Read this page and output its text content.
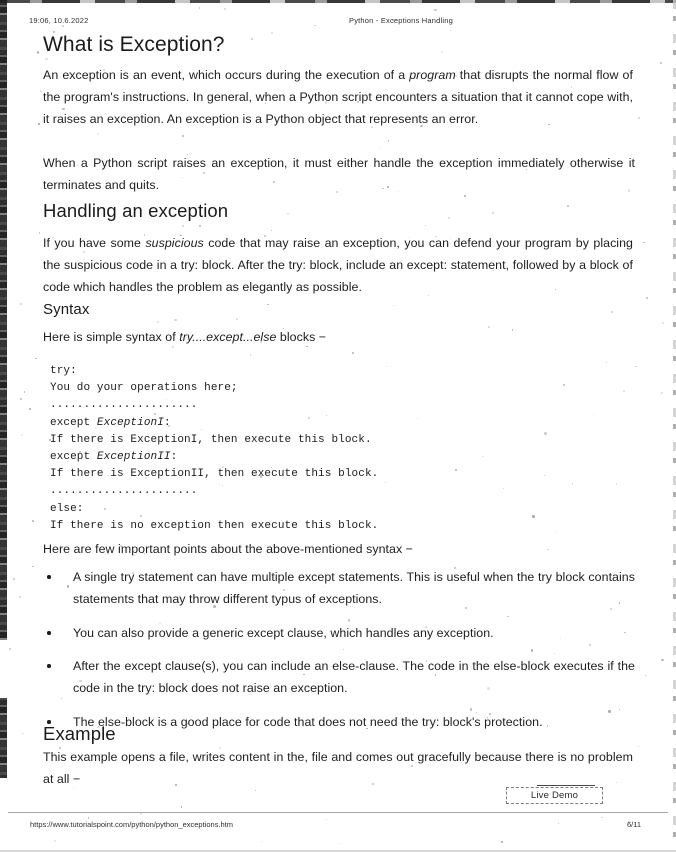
19:06, 10.6.2022	Python - Exceptions Handling
What is Exception?

An exception is an event, which occurs during the execution of a program that disrupts the normal flow of the program's instructions. In general, when a Python script encounters a situation that it cannot cope with, it raises an exception. An exception is a Python object that represents an error.

When a Python script raises an exception, it must either handle the exception immediately otherwise it terminates and quits.

Handling an exception

If you have some suspicious code that may raise an exception, you can defend your program by placing the suspicious code in a try: block. After the try: block, include an except: statement, followed by a block of code which handles the problem as elegantly as possible.

Syntax

Here is simple syntax of try....except...else blocks −

try:
You do your operations here;
......................
except ExceptionI:
If there is ExceptionI, then execute this block.
except ExceptionII:
If there is ExceptionII, then execute this block.
......................
else:
If there is no exception then execute this block.

Here are few important points about the above-mentioned syntax −

A single try statement can have multiple except statements. This is useful when the try block contains statements that may throw different typus of exceptions.
You can also provide a generic except clause, which handles any exception.
After the except clause(s), you can include an else-clause. The code in the else-block executes if the code in the try: block does not raise an exception.
The else-block is a good place for code that does not need the try: block's protection.
Example

This example opens a file, writes content in the, file and comes out gracefully because there is no problem at all −

Live Demo
https://www.tutorialspoint.com/python/python_exceptions.htm	6/11
